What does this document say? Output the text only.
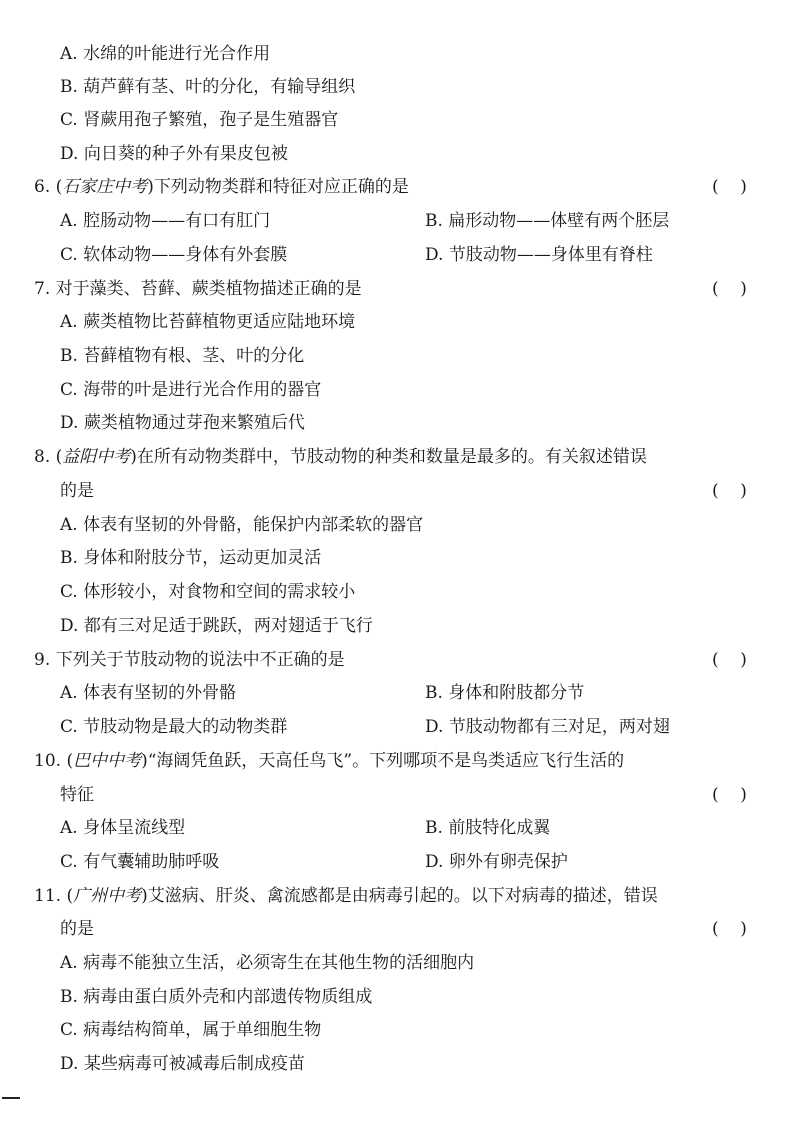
A. 水绵的叶能进行光合作用
B. 葫芦藓有茎、叶的分化，有输导组织
C. 肾蕨用孢子繁殖，孢子是生殖器官
D. 向日葵的种子外有果皮包被
6. (石家庄中考)下列动物类群和特征对应正确的是	(    )
A. 腔肠动物——有口有肛门	B. 扁形动物——体壁有两个胚层
C. 软体动物——身体有外套膜	D. 节肢动物——身体里有脊柱
7. 对于藻类、苔藓、蕨类植物描述正确的是	(    )
A. 蕨类植物比苔藓植物更适应陆地环境
B. 苔藓植物有根、茎、叶的分化
C. 海带的叶是进行光合作用的器官
D. 蕨类植物通过芽孢来繁殖后代
8. (益阳中考)在所有动物类群中，节肢动物的种类和数量是最多的。有关叙述错误
的是	(    )
A. 体表有坚韧的外骨骼，能保护内部柔软的器官
B. 身体和附肢分节，运动更加灵活
C. 体形较小，对食物和空间的需求较小
D. 都有三对足适于跳跃，两对翅适于飞行
9. 下列关于节肢动物的说法中不正确的是	(    )
A. 体表有坚韧的外骨骼	B. 身体和附肢都分节
C. 节肢动物是最大的动物类群	D. 节肢动物都有三对足，两对翅
10. (巴中中考)“海阔凭鱼跃，天高任鸟飞”。下列哪项不是鸟类适应飞行生活的
特征	(    )
A. 身体呈流线型	B. 前肢特化成翼
C. 有气囊辅助肺呼吸	D. 卵外有卵壳保护
11. (广州中考)艾滋病、肝炎、禽流感都是由病毒引起的。以下对病毒的描述，错误
的是	(    )
A. 病毒不能独立生活，必须寄生在其他生物的活细胞内
B. 病毒由蛋白质外壳和内部遗传物质组成
C. 病毒结构简单，属于单细胞生物
D. 某些病毒可被减毒后制成疫苗
